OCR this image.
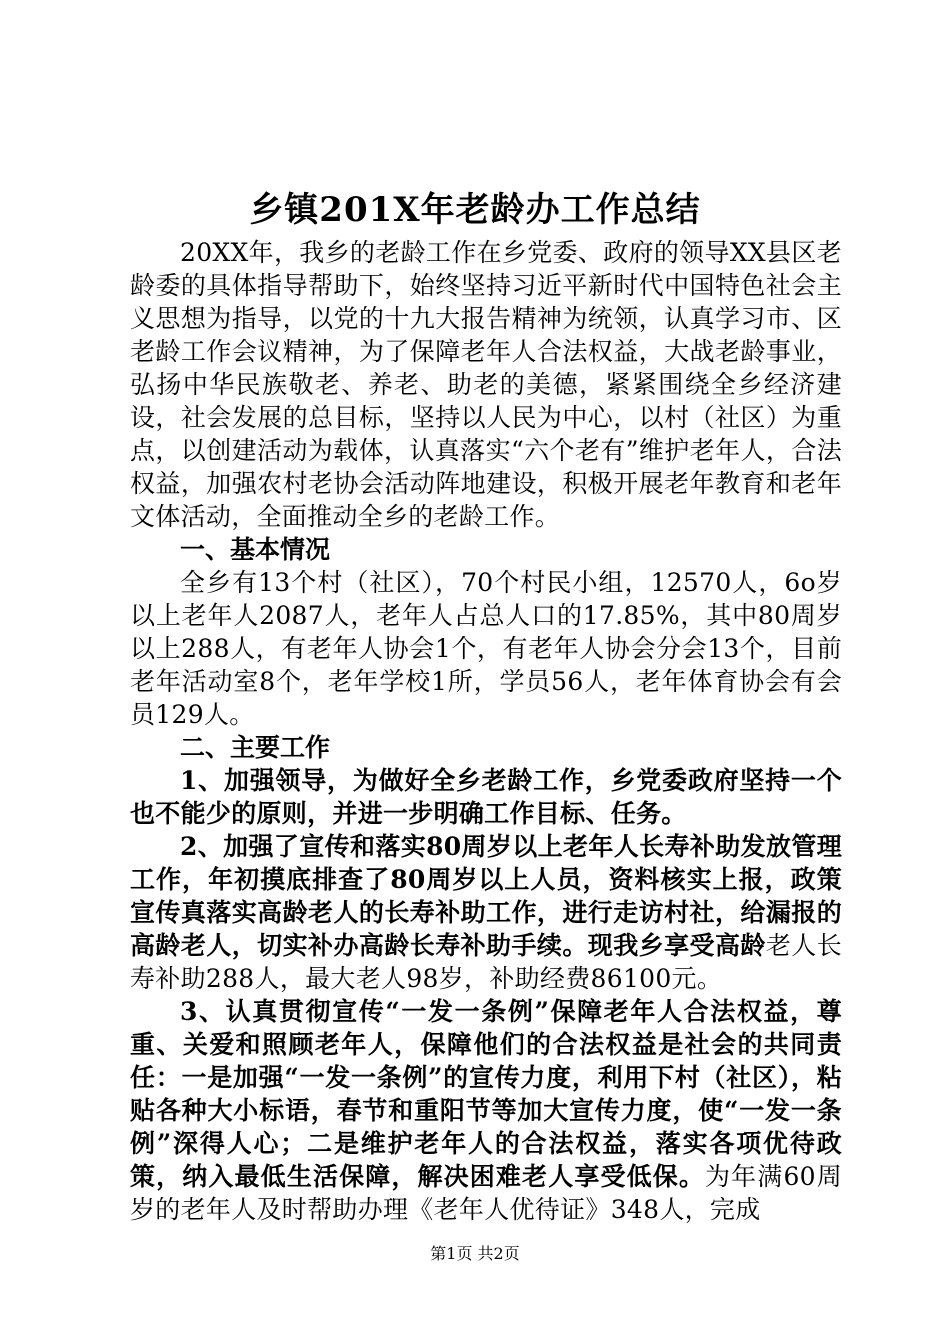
乡镇201X年老龄办工作总结

20XX年，我乡的老龄工作在乡党委、政府的领导XX县区老龄委的具体指导帮助下，始终坚持习近平新时代中国特色社会主义思想为指导，以党的十九大报告精神为统领，认真学习市、区老龄工作会议精神，为了保障老年人合法权益，大战老龄事业，弘扬中华民族敬老、养老、助老的美德，紧紧围绕全乡经济建设，社会发展的总目标，坚持以人民为中心，以村（社区）为重点，以创建活动为载体，认真落实“六个老有”维护老年人，合法权益，加强农村老协会活动阵地建设，积极开展老年教育和老年文体活动，全面推动全乡的老龄工作。

一、基本情况

全乡有13个村（社区），70个村民小组，12570人，6o岁以上老年人2087人，老年人占总人口的17.85%，其中80周岁以上288人，有老年人协会1个，有老年人协会分会13个，目前老年活动室8个，老年学校1所，学员56人，老年体育协会有会员129人。

二、主要工作

1、加强领导，为做好全乡老龄工作，乡党委政府坚持一个也不能少的原则，并进一步明确工作目标、任务。

2、加强了宣传和落实80周岁以上老年人长寿补助发放管理工作，年初摸底排查了80周岁以上人员，资料核实上报，政策宣传真落实高龄老人的长寿补助工作，进行走访村社，给漏报的高龄老人，切实补办高龄长寿补助手续。现我乡享受高龄老人长寿补助288人，最大老人98岁，补助经费86100元。

3、认真贯彻宣传“一发一条例”保障老年人合法权益，尊重、关爱和照顾老年人，保障他们的合法权益是社会的共同责任：一是加强“一发一条例”的宣传力度，利用下村（社区），粘贴各种大小标语，春节和重阳节等加大宣传力度，使“一发一条例”深得人心；二是维护老年人的合法权益，落实各项优待政策，纳入最低生活保障，解决困难老人享受低保。为年满60周岁的老年人及时帮助办理《老年人优待证》348人，完成

第1页 共2页
